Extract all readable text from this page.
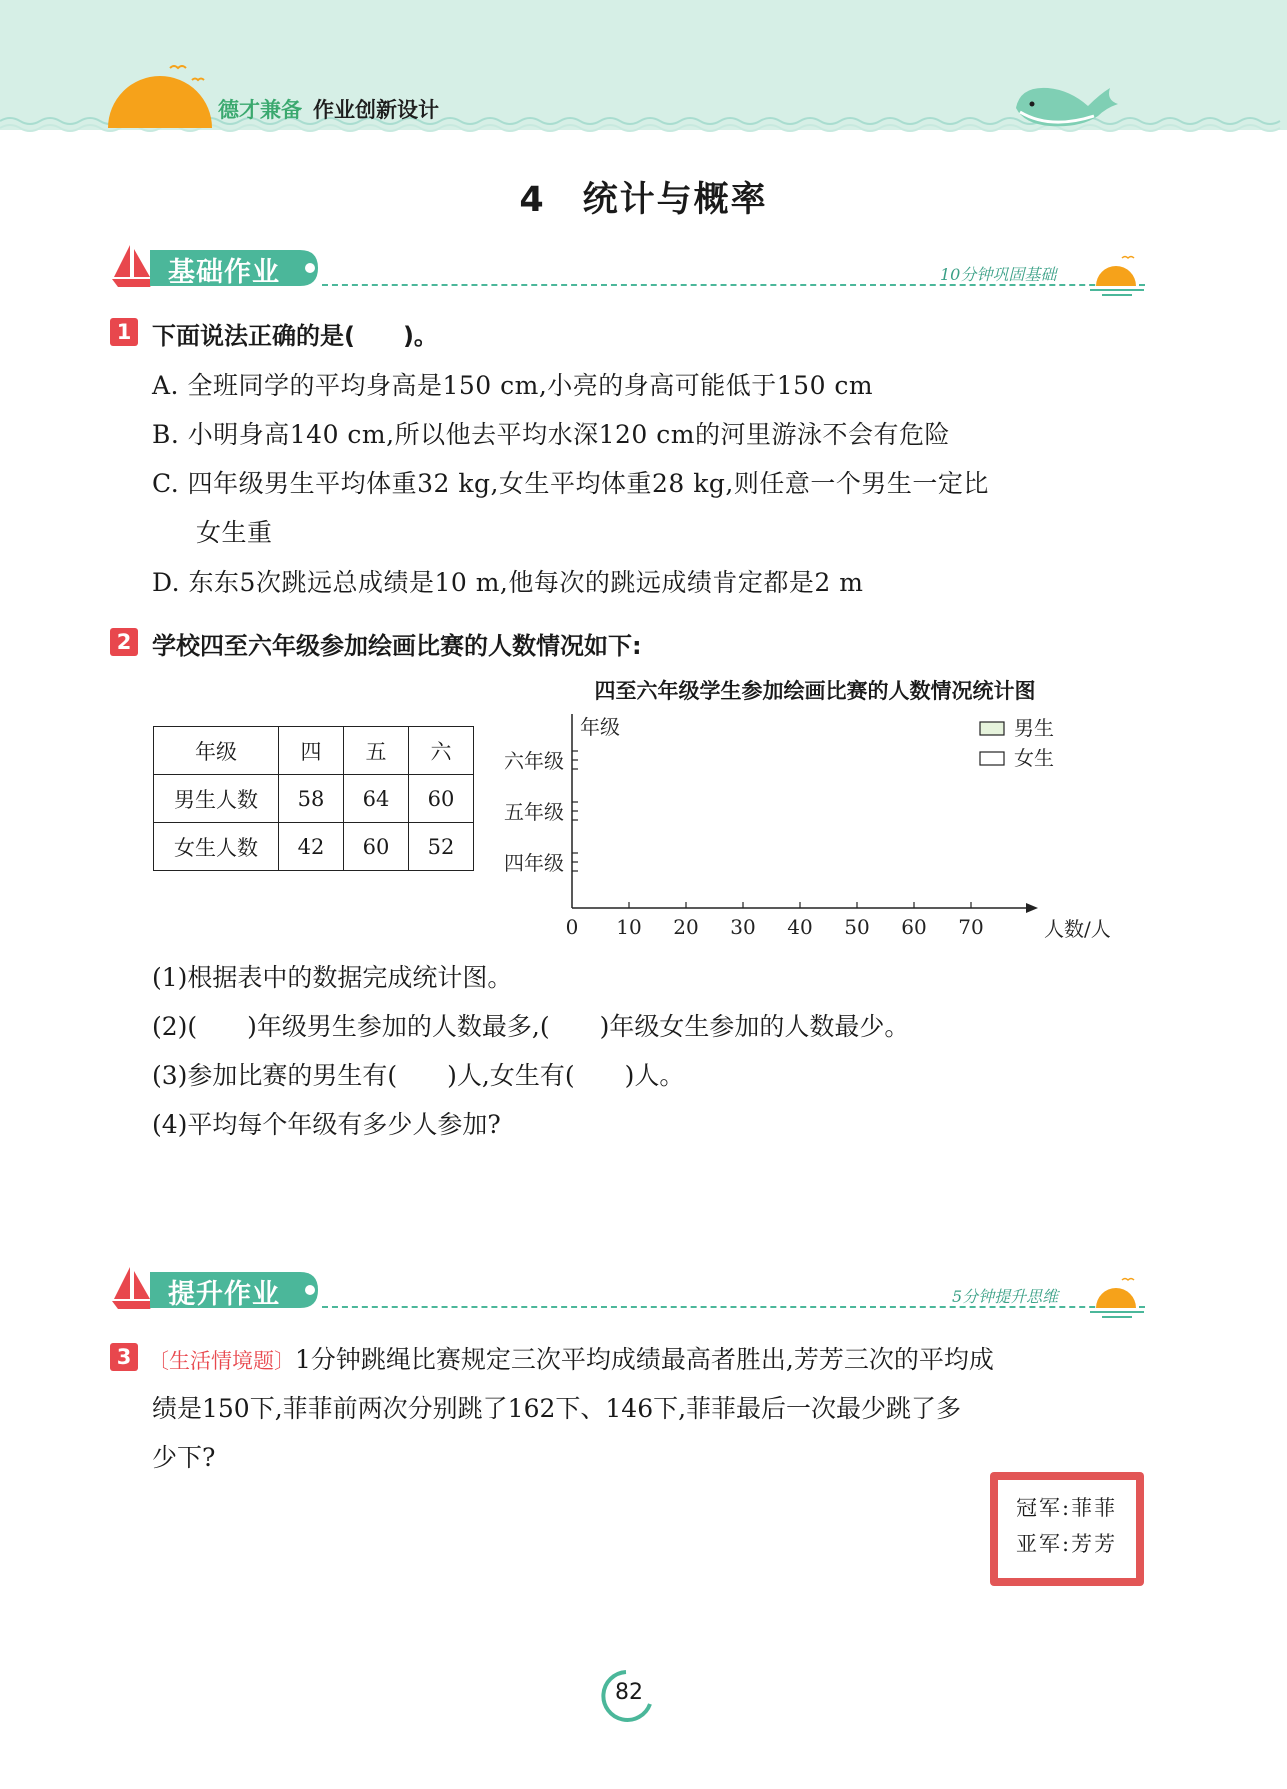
德才兼备 作业创新设计
4　统计与概率
基础作业	10分钟巩固基础
1 下面说法正确的是(　　)。
A. 全班同学的平均身高是150 cm,小亮的身高可能低于150 cm
B. 小明身高140 cm,所以他去平均水深120 cm的河里游泳不会有危险
C. 四年级男生平均体重32 kg,女生平均体重28 kg,则任意一个男生一定比
女生重
D. 东东5次跳远总成绩是10 m,他每次的跳远成绩肯定都是2 m
2 学校四至六年级参加绘画比赛的人数情况如下:
年级	四	五	六
男生人数	58	64	60
女生人数	42	60	52
四至六年级学生参加绘画比赛的人数情况统计图
年级
人数/人
0 10 20 30 40 50 60 70
六年级
五年级
四年级
男生
女生
(1)根据表中的数据完成统计图。
(2)(　　)年级男生参加的人数最多,(　　)年级女生参加的人数最少。
(3)参加比赛的男生有(　　)人,女生有(　　)人。
(4)平均每个年级有多少人参加?
提升作业	5分钟提升思维
3 〔生活情境题〕1分钟跳绳比赛规定三次平均成绩最高者胜出,芳芳三次的平均成
绩是150下,菲菲前两次分别跳了162下、146下,菲菲最后一次最少跳了多
少下?
冠军:菲菲
亚军:芳芳
82
